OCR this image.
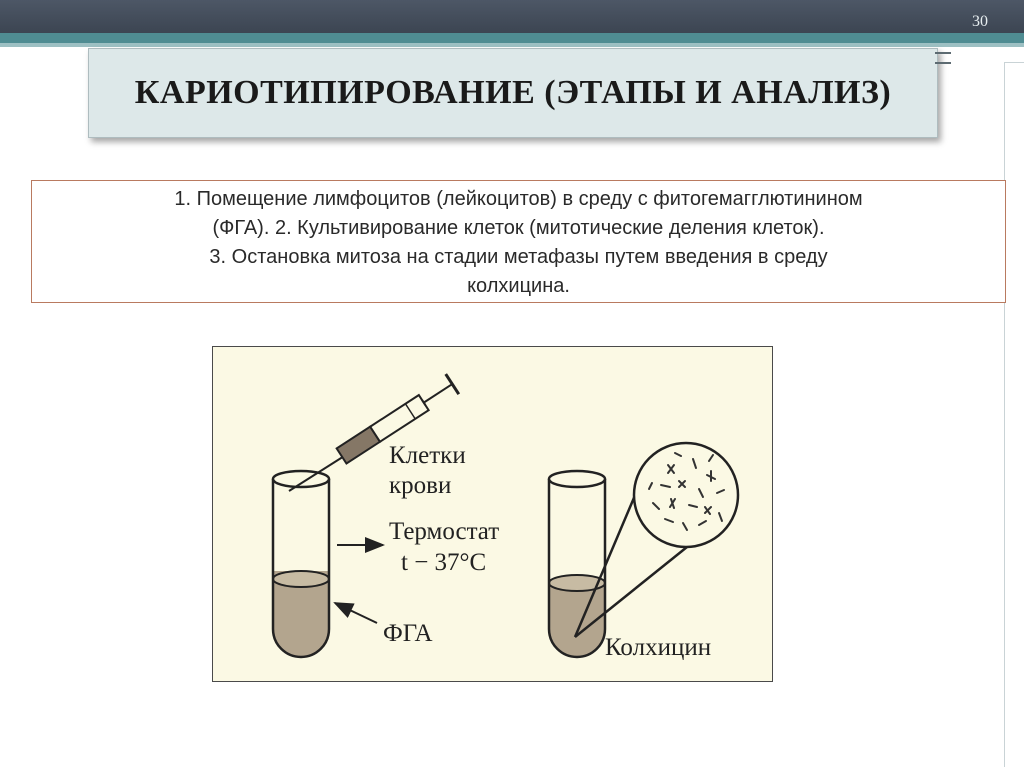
30
КАРИОТИПИРОВАНИЕ (ЭТАПЫ И АНАЛИЗ)
1. Помещение лимфоцитов (лейкоцитов) в среду с фитогемагглютинином
(ФГА). 2. Культивирование клеток (митотические деления клеток).
3. Остановка митоза на стадии метафазы путем введения в среду
колхицина.
Клетки
крови
Термостат
t − 37°C
ФГА
Колхицин
